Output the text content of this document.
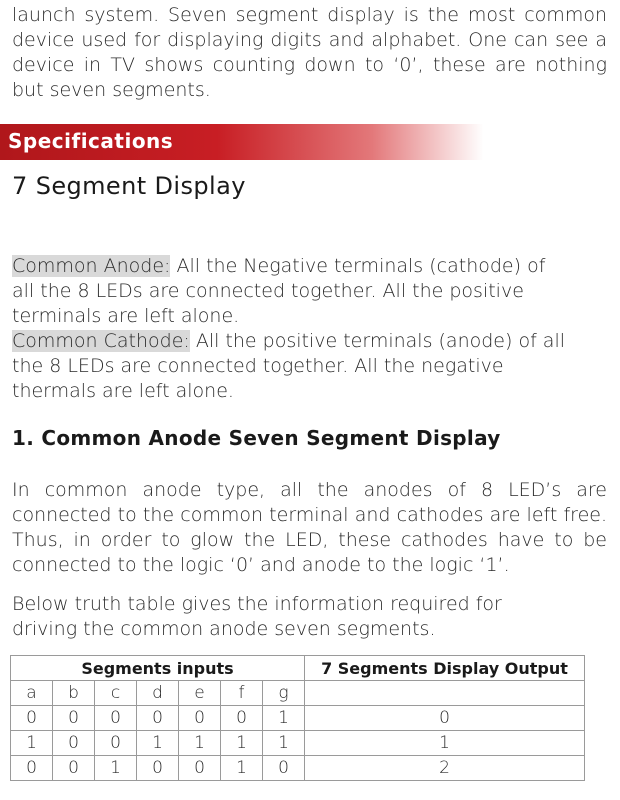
launch system. Seven segment display is the most common device used for displaying digits and alphabet. One can see a device in TV shows counting down to ‘0’, these are nothing but seven segments.

Specifications
7 Segment Display

Common Anode: All the Negative terminals (cathode) of all the 8 LEDs are connected together. All the positive terminals are left alone.
Common Cathode: All the positive terminals (anode) of all the 8 LEDs are connected together. All the negative thermals are left alone.

1. Common Anode Seven Segment Display

In common anode type, all the anodes of 8 LED’s are connected to the common terminal and cathodes are left free. Thus, in order to glow the LED, these cathodes have to be connected to the logic ‘0’ and anode to the logic ‘1’.

Below truth table gives the information required for driving the common anode seven segments.

Segments inputs							7 Segments Display Output
a	b	c	d	e	f	g	
0	0	0	0	0	0	1	0
1	0	0	1	1	1	1	1
0	0	1	0	0	1	0	2
